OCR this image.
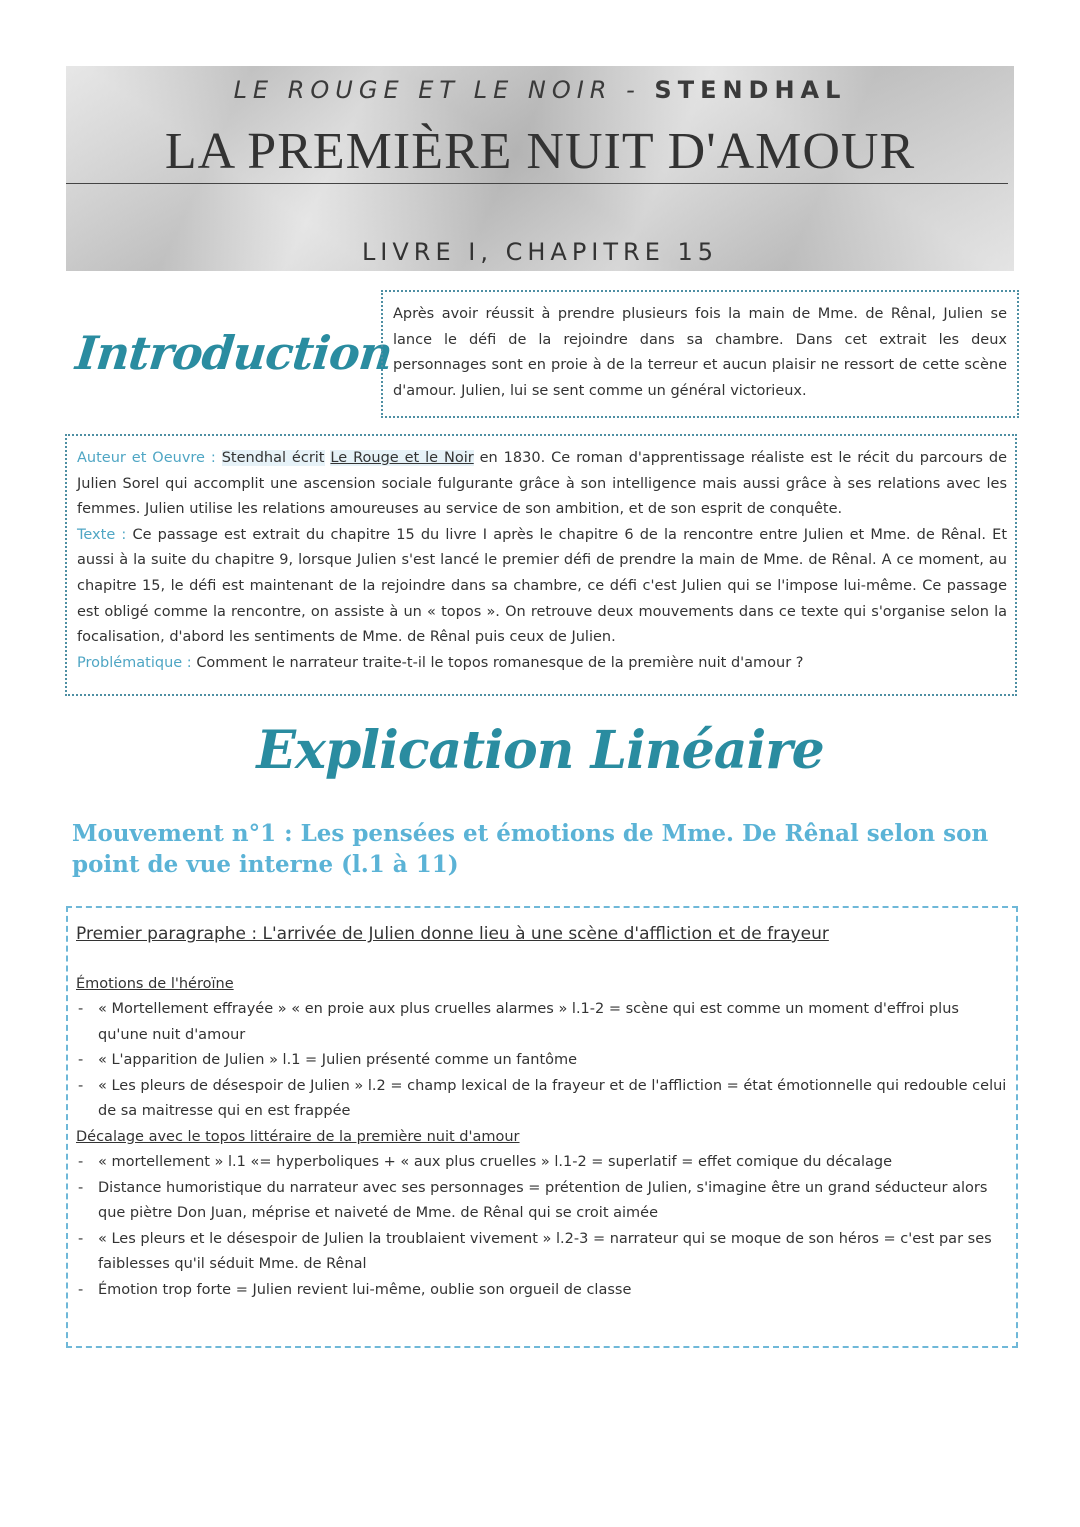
LE ROUGE ET LE NOIR - STENDHAL
LA PREMIÈRE NUIT D'AMOUR
LIVRE I, CHAPITRE 15
Introduction
Après avoir réussit à prendre plusieurs fois la main de Mme. de Rênal, Julien se lance le défi de la rejoindre dans sa chambre. Dans cet extrait les deux personnages sont en proie à de la terreur et aucun plaisir ne ressort de cette scène d'amour. Julien, lui se sent comme un général victorieux.
Auteur et Oeuvre : Stendhal écrit Le Rouge et le Noir en 1830. Ce roman d'apprentissage réaliste est le récit du parcours de Julien Sorel qui accomplit une ascension sociale fulgurante grâce à son intelligence mais aussi grâce à ses relations avec les femmes. Julien utilise les relations amoureuses au service de son ambition, et de son esprit de conquête.
Texte : Ce passage est extrait du chapitre 15 du livre I après le chapitre 6 de la rencontre entre Julien et Mme. de Rênal. Et aussi à la suite du chapitre 9, lorsque Julien s'est lancé le premier défi de prendre la main de Mme. de Rênal. A ce moment, au chapitre 15, le défi est maintenant de la rejoindre dans sa chambre, ce défi c'est Julien qui se l'impose lui-même. Ce passage est obligé comme la rencontre, on assiste à un « topos ». On retrouve deux mouvements dans ce texte qui s'organise selon la focalisation, d'abord les sentiments de Mme. de Rênal puis ceux de Julien.
Problématique : Comment le narrateur traite-t-il le topos romanesque de la première nuit d'amour ?
Explication Linéaire
Mouvement n°1 : Les pensées et émotions de Mme. De Rênal selon son point de vue interne (l.1 à 11)
Premier paragraphe : L'arrivée de Julien donne lieu à une scène d'affliction et de frayeur
Émotions de l'héroïne
- « Mortellement effrayée » « en proie aux plus cruelles alarmes » l.1-2 = scène qui est comme un moment d'effroi plus qu'une nuit d'amour
- « L'apparition de Julien » l.1 = Julien présenté comme un fantôme
- « Les pleurs de désespoir de Julien » l.2 = champ lexical de la frayeur et de l'affliction = état émotionnelle qui redouble celui de sa maitresse qui en est frappée
Décalage avec le topos littéraire de la première nuit d'amour
- « mortellement » l.1 «= hyperboliques + « aux plus cruelles » l.1-2 = superlatif = effet comique du décalage
- Distance humoristique du narrateur avec ses personnages = prétention de Julien, s'imagine être un grand séducteur alors que piètre Don Juan, méprise et naiveté de Mme. de Rênal qui se croit aimée
- « Les pleurs et le désespoir de Julien la troublaient vivement » l.2-3 = narrateur qui se moque de son héros = c'est par ses faiblesses qu'il séduit Mme. de Rênal
- Émotion trop forte = Julien revient lui-même, oublie son orgueil de classe
